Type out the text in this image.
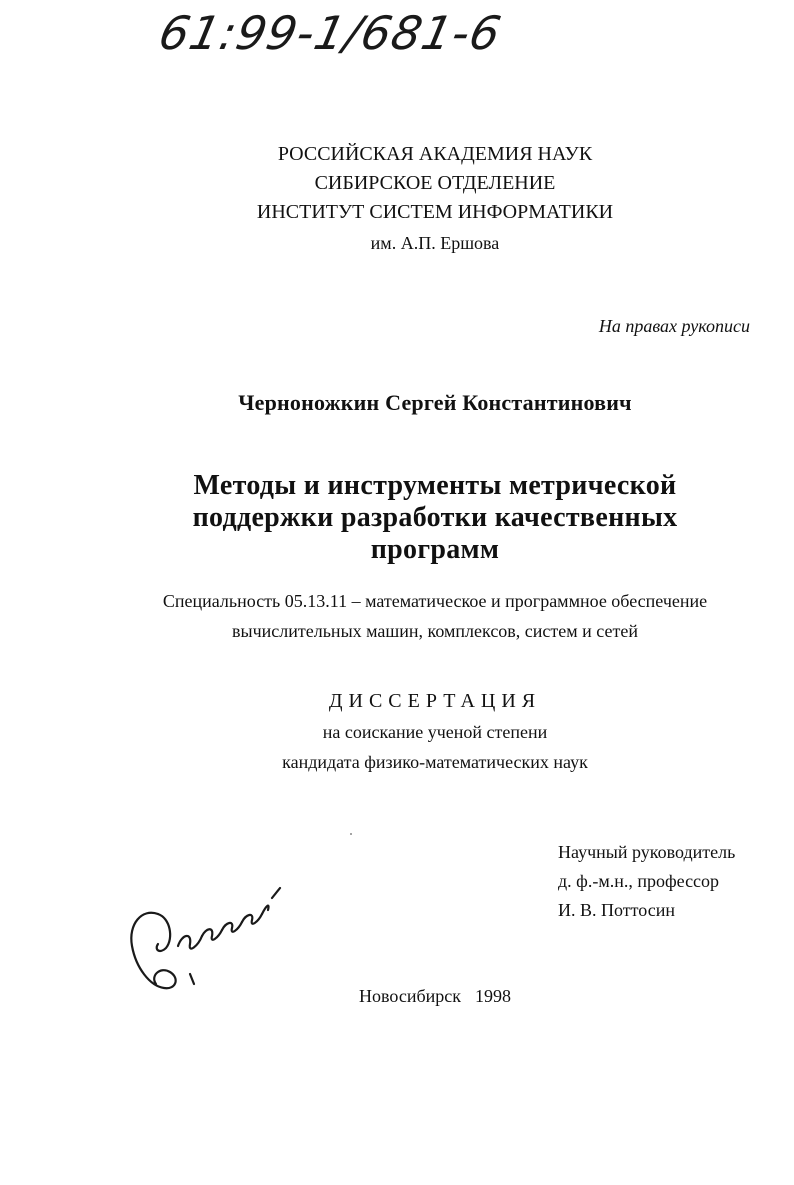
61:99-1/681-6
РОССИЙСКАЯ АКАДЕМИЯ НАУК
СИБИРСКОЕ ОТДЕЛЕНИЕ
ИНСТИТУТ СИСТЕМ ИНФОРМАТИКИ
им. А.П. Ершова
На правах рукописи
Черноножкин Сергей Константинович
Методы и инструменты метрической
поддержки разработки качественных
программ
Специальность 05.13.11 – математическое и программное обеспечение
вычислительных машин, комплексов, систем и сетей
ДИССЕРТАЦИЯ
на соискание ученой степени
кандидата физико-математических наук
Научный руководитель
д. ф.-м.н., профессор
И. В. Поттосин
Новосибирск 1998
